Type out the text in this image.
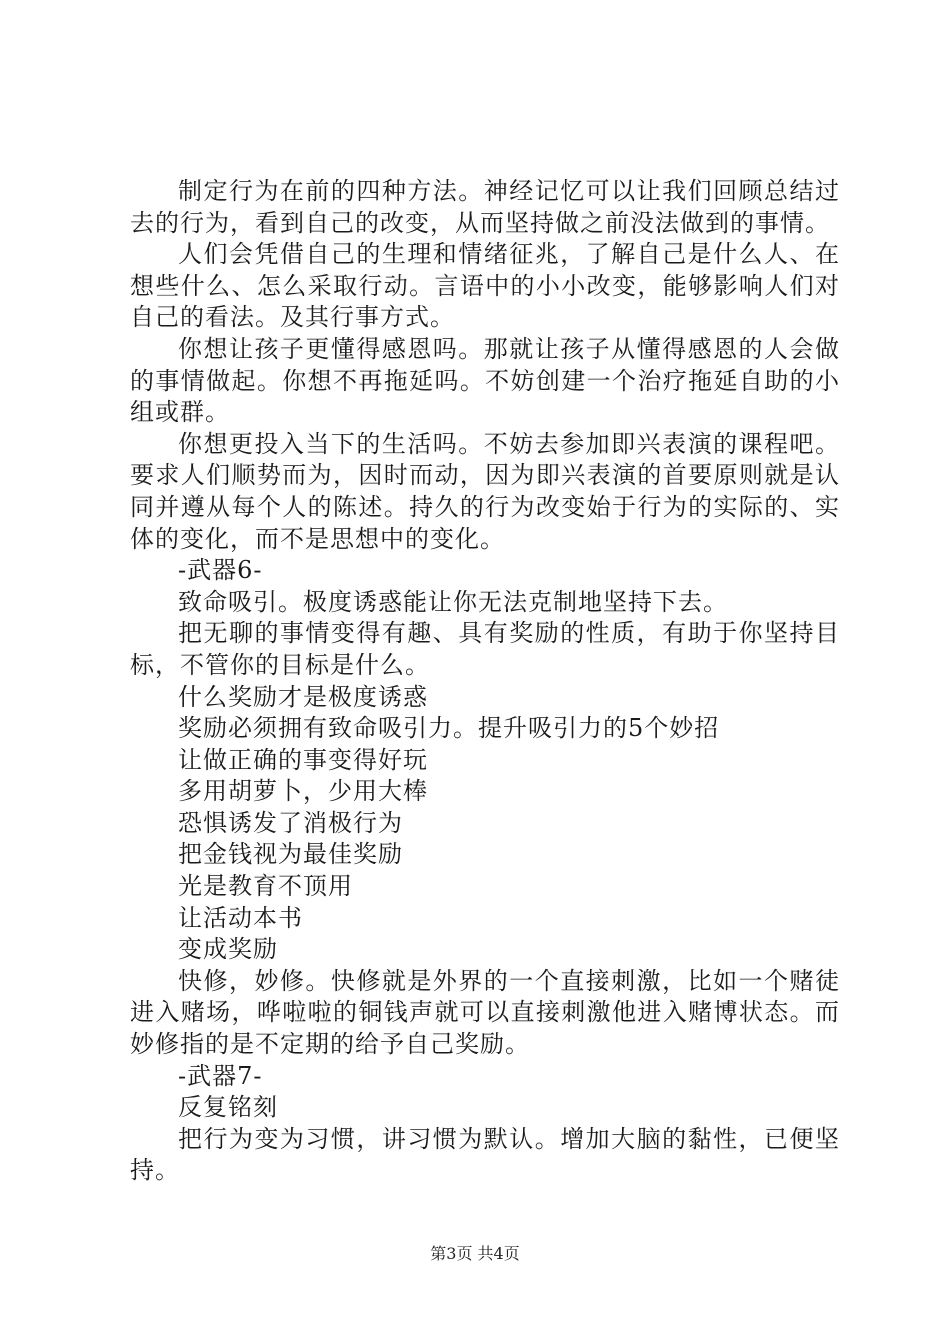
制定行为在前的四种方法。神经记忆可以让我们回顾总结过去的行为，看到自己的改变，从而坚持做之前没法做到的事情。

人们会凭借自己的生理和情绪征兆，了解自己是什么人、在想些什么、怎么采取行动。言语中的小小改变，能够影响人们对自己的看法。及其行事方式。

你想让孩子更懂得感恩吗。那就让孩子从懂得感恩的人会做的事情做起。你想不再拖延吗。不妨创建一个治疗拖延自助的小组或群。

你想更投入当下的生活吗。不妨去参加即兴表演的课程吧。要求人们顺势而为，因时而动，因为即兴表演的首要原则就是认同并遵从每个人的陈述。持久的行为改变始于行为的实际的、实体的变化，而不是思想中的变化。

-武器6-

致命吸引。极度诱惑能让你无法克制地坚持下去。

把无聊的事情变得有趣、具有奖励的性质，有助于你坚持目标，不管你的目标是什么。

什么奖励才是极度诱惑

奖励必须拥有致命吸引力。提升吸引力的5个妙招

让做正确的事变得好玩

多用胡萝卜，少用大棒

恐惧诱发了消极行为

把金钱视为最佳奖励

光是教育不顶用

让活动本书

变成奖励

快修，妙修。快修就是外界的一个直接刺激，比如一个赌徒进入赌场，哗啦啦的铜钱声就可以直接刺激他进入赌博状态。而妙修指的是不定期的给予自己奖励。

-武器7-

反复铭刻

把行为变为习惯，讲习惯为默认。增加大脑的黏性，已便坚持。

第3页 共4页
